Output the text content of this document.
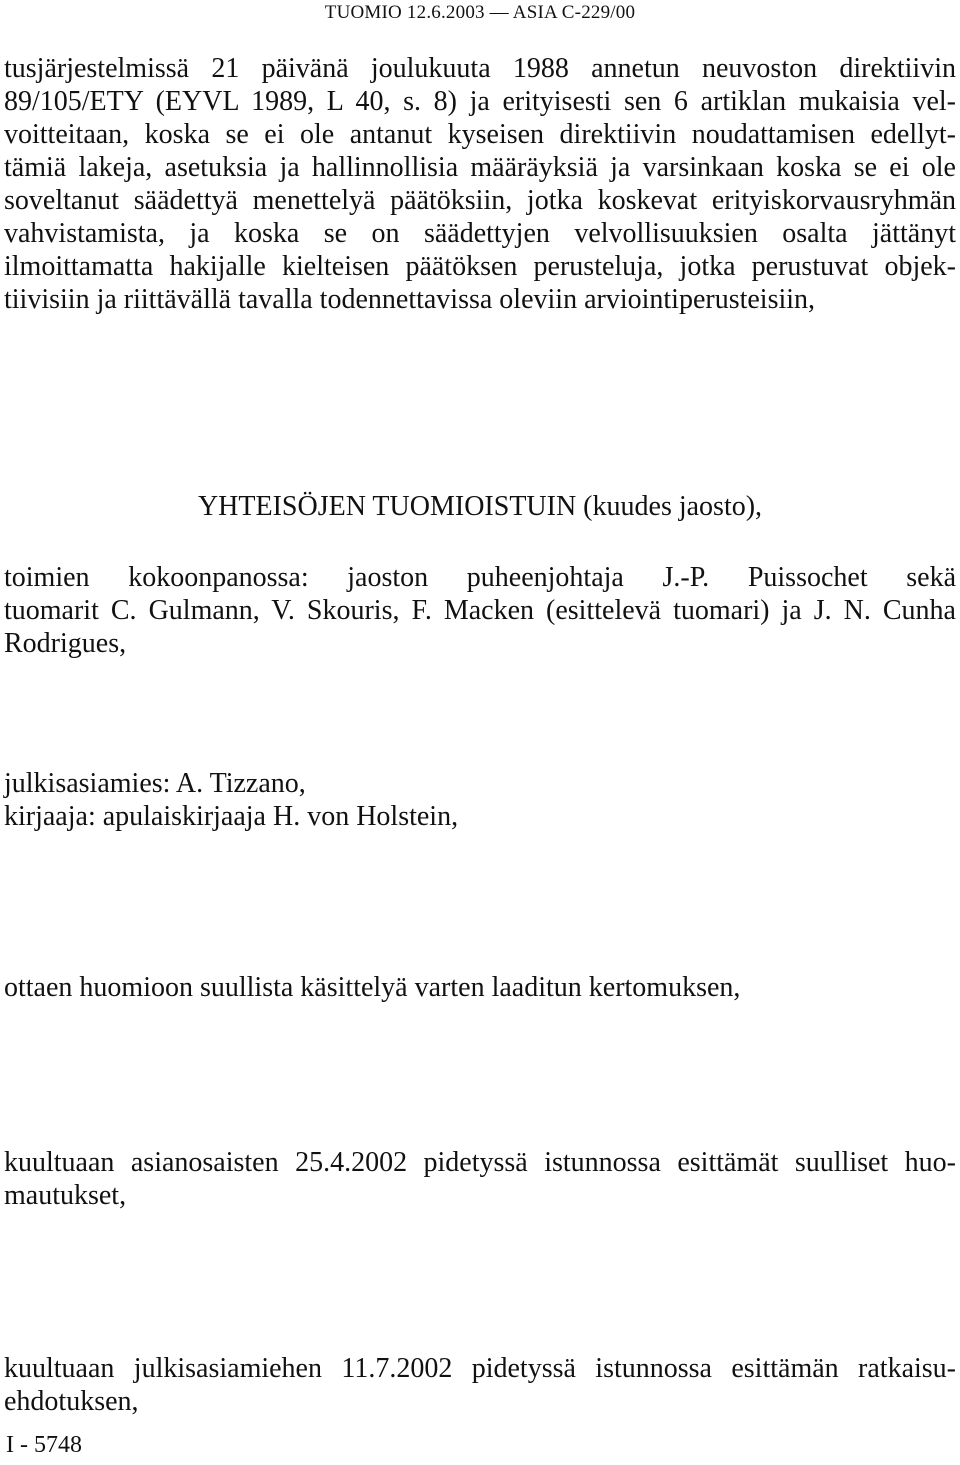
TUOMIO 12.6.2003 — ASIA C-229/00
tusjärjestelmissä 21 päivänä joulukuuta 1988 annetun neuvoston direktiivin
89/105/ETY (EYVL 1989, L 40, s. 8) ja erityisesti sen 6 artiklan mukaisia vel-
voitteitaan, koska se ei ole antanut kyseisen direktiivin noudattamisen edellyt-
tämiä lakeja, asetuksia ja hallinnollisia määräyksiä ja varsinkaan koska se ei ole
soveltanut säädettyä menettelyä päätöksiin, jotka koskevat erityiskorvausryhmän
vahvistamista, ja koska se on säädettyjen velvollisuuksien osalta jättänyt
ilmoittamatta hakijalle kielteisen päätöksen perusteluja, jotka perustuvat objek-
tiivisiin ja riittävällä tavalla todennettavissa oleviin arviointiperusteisiin,
YHTEISÖJEN TUOMIOISTUIN (kuudes jaosto),
toimien kokoonpanossa: jaoston puheenjohtaja J.-P. Puissochet sekä
tuomarit C. Gulmann, V. Skouris, F. Macken (esittelevä tuomari) ja J. N. Cunha
Rodrigues,
julkisasiamies: A. Tizzano,
kirjaaja: apulaiskirjaaja H. von Holstein,
ottaen huomioon suullista käsittelyä varten laaditun kertomuksen,
kuultuaan asianosaisten 25.4.2002 pidetyssä istunnossa esittämät suulliset huo-
mautukset,
kuultuaan julkisasiamiehen 11.7.2002 pidetyssä istunnossa esittämän ratkaisu-
ehdotuksen,
I - 5748
